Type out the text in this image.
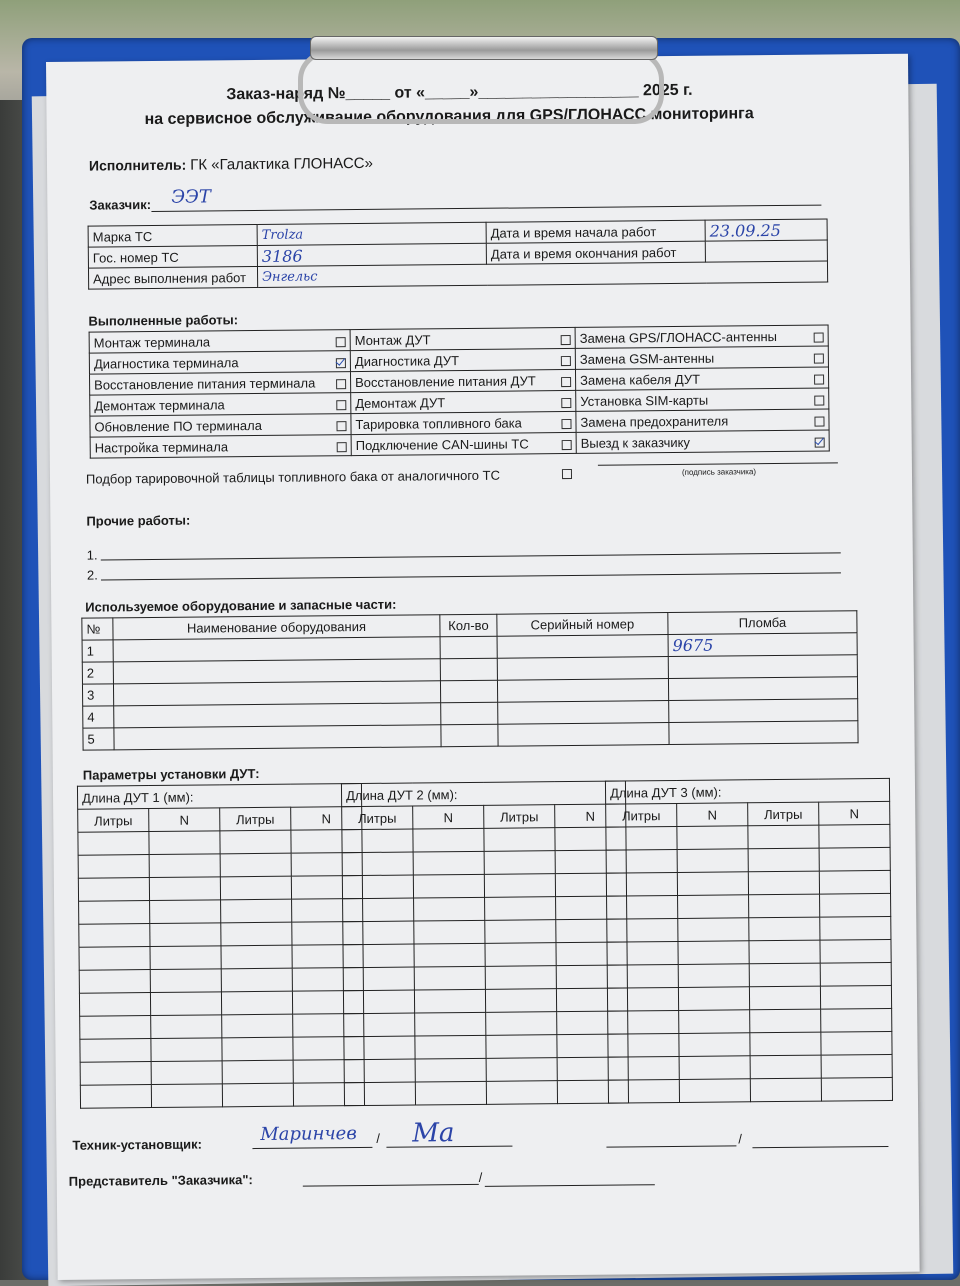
Заказ-наряд №_____ от «_____»__________________ 2025 г.
на сервисное обслуживание оборудования для GPS/ГЛОНАСС мониторинга
Исполнитель: ГК «Галактика ГЛОНАСС»
Заказчик: ЭЭТ
Марка ТС	Trolza	Дата и время начала работ	23.09.25
Гос. номер ТС	3186	Дата и время окончания работ	
Адрес выполнения работ	Энгельс		
Выполненные работы:
Монтаж терминала	Монтаж ДУТ	Замена GPS/ГЛОНАСС-антенны

Диагностика терминала	Диагностика ДУТ	Замена GSM-антенны

Восстановление питания терминала	Восстановление питания ДУТ	Замена кабеля ДУТ

Демонтаж терминала	Демонтаж ДУТ	Установка SIM-карты

Обновление ПО терминала	Тарировка топливного бака	Замена предохранителя

Настройка терминала	Подключение CAN-шины ТС	Выезд к заказчику
Подбор тарировочной таблицы топливного бака от аналогичного ТС	(подпись заказчика)
Прочие работы:
1.
2.
Используемое оборудование и запасные части:
№	Наименование оборудования	Кол-во	Серийный номер	Пломба
1				9675
2				
3				
4				
5				
Параметры установки ДУТ:
Длина ДУТ 1 (мм):			
Литры	N	Литры	N

Длина ДУТ 2 (мм):			
Литры	N	Литры	N

Длина ДУТ 3 (мм):			
Литры	N	Литры	N

Техник-установщик:	Маринчев / Ма	/
Представитель "Заказчика":	/
